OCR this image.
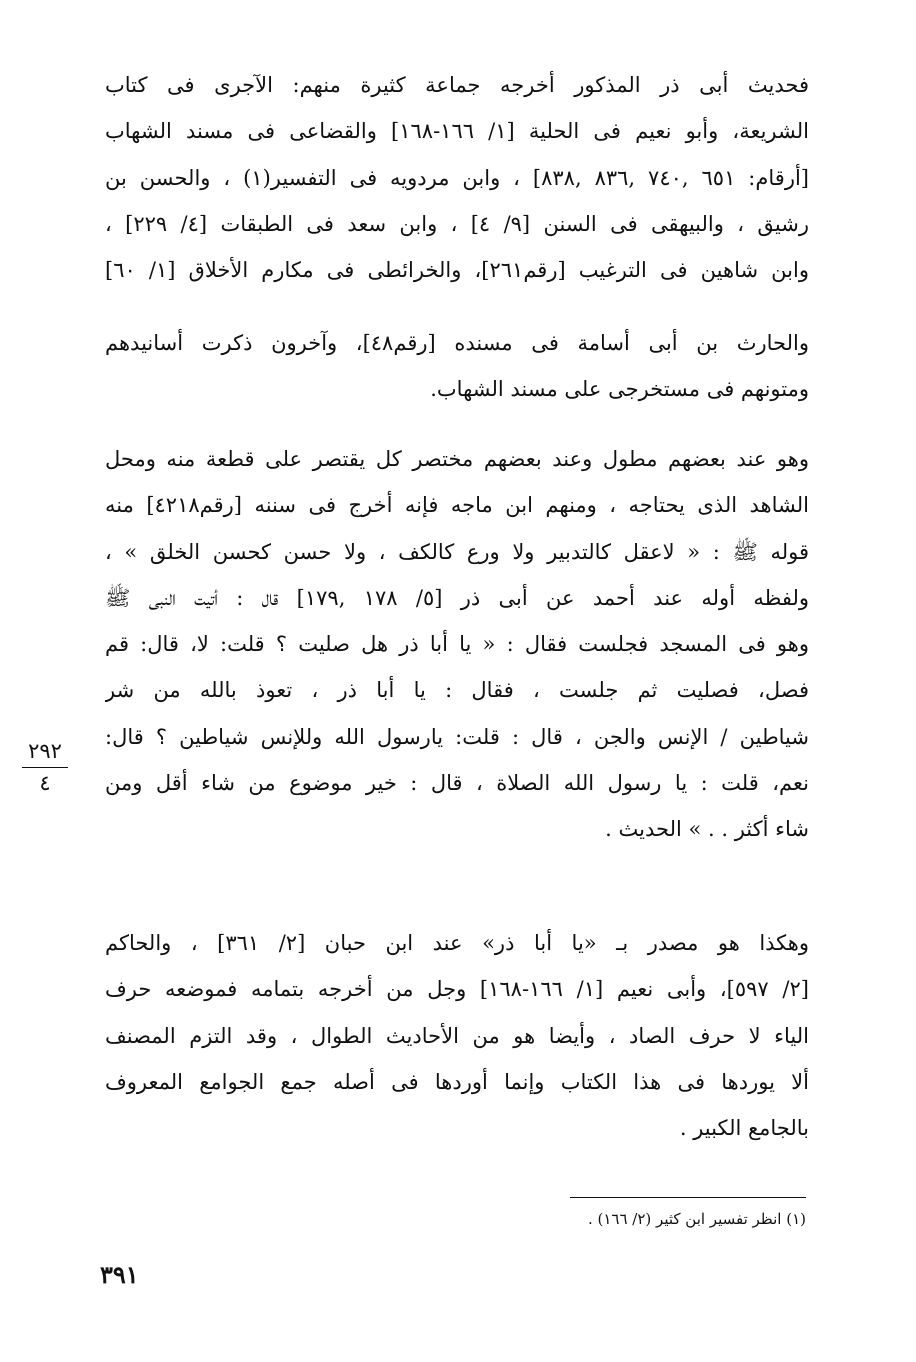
فحديث أبى ذر المذكور أخرجه جماعة كثيرة منهم: الآجرى فى كتاب
الشريعة، وأبو نعيم فى الحلية [١/ ١٦٦-١٦٨] والقضاعى فى مسند الشهاب
[أرقام: ٦٥١ ,٧٤٠ ,٨٣٦ ,٨٣٨] ، وابن مردويه فى التفسير(١) ، والحسن بن
رشيق ، والبيهقى فى السنن [٩/ ٤] ، وابن سعد فى الطبقات [٤/ ٢٢٩] ،
وابن شاهين فى الترغيب [رقم٢٦١]، والخرائطى فى مكارم الأخلاق [١/ ٦٠]
والحارث بن أبى أسامة فى مسنده [رقم٤٨]، وآخرون ذكرت أسانيدهم
ومتونهم فى مستخرجى على مسند الشهاب.
وهو عند بعضهم مطول وعند بعضهم مختصر كل يقتصر على قطعة منه ومحل
الشاهد الذى يحتاجه ، ومنهم ابن ماجه فإنه أخرج فى سننه [رقم٤٢١٨] منه
قوله ﷺ : « لاعقل كالتدبير ولا ورع كالكف ، ولا حسن كحسن الخلق » ،
ولفظه أوله عند أحمد عن أبى ذر [٥/ ١٧٨ ,١٧٩] قال : أتيت النبى ﷺ
وهو فى المسجد فجلست فقال : « يا أبا ذر هل صليت ؟ قلت: لا، قال: قم
فصل، فصليت ثم جلست ، فقال : يا أبا ذر ، تعوذ بالله من شر
شياطين / الإنس والجن ، قال : قلت: يارسول الله وللإنس شياطين ؟ قال:
نعم، قلت : يا رسول الله الصلاة ، قال : خير موضوع من شاء أقل ومن
شاء أكثر . . » الحديث .
وهكذا هو مصدر بـ «يا أبا ذر» عند ابن حبان [٢/ ٣٦١] ، والحاكم
[٢/ ٥٩٧]، وأبى نعيم [١/ ١٦٦-١٦٨] وجل من أخرجه بتمامه فموضعه حرف
الياء لا حرف الصاد ، وأيضا هو من الأحاديث الطوال ، وقد التزم المصنف
ألا يوردها فى هذا الكتاب وإنما أوردها فى أصله جمع الجوامع المعروف
بالجامع الكبير .
٢٩٢
٤
(١) انظر تفسير ابن كثير (٢/ ١٦٦) .
٣٩١
